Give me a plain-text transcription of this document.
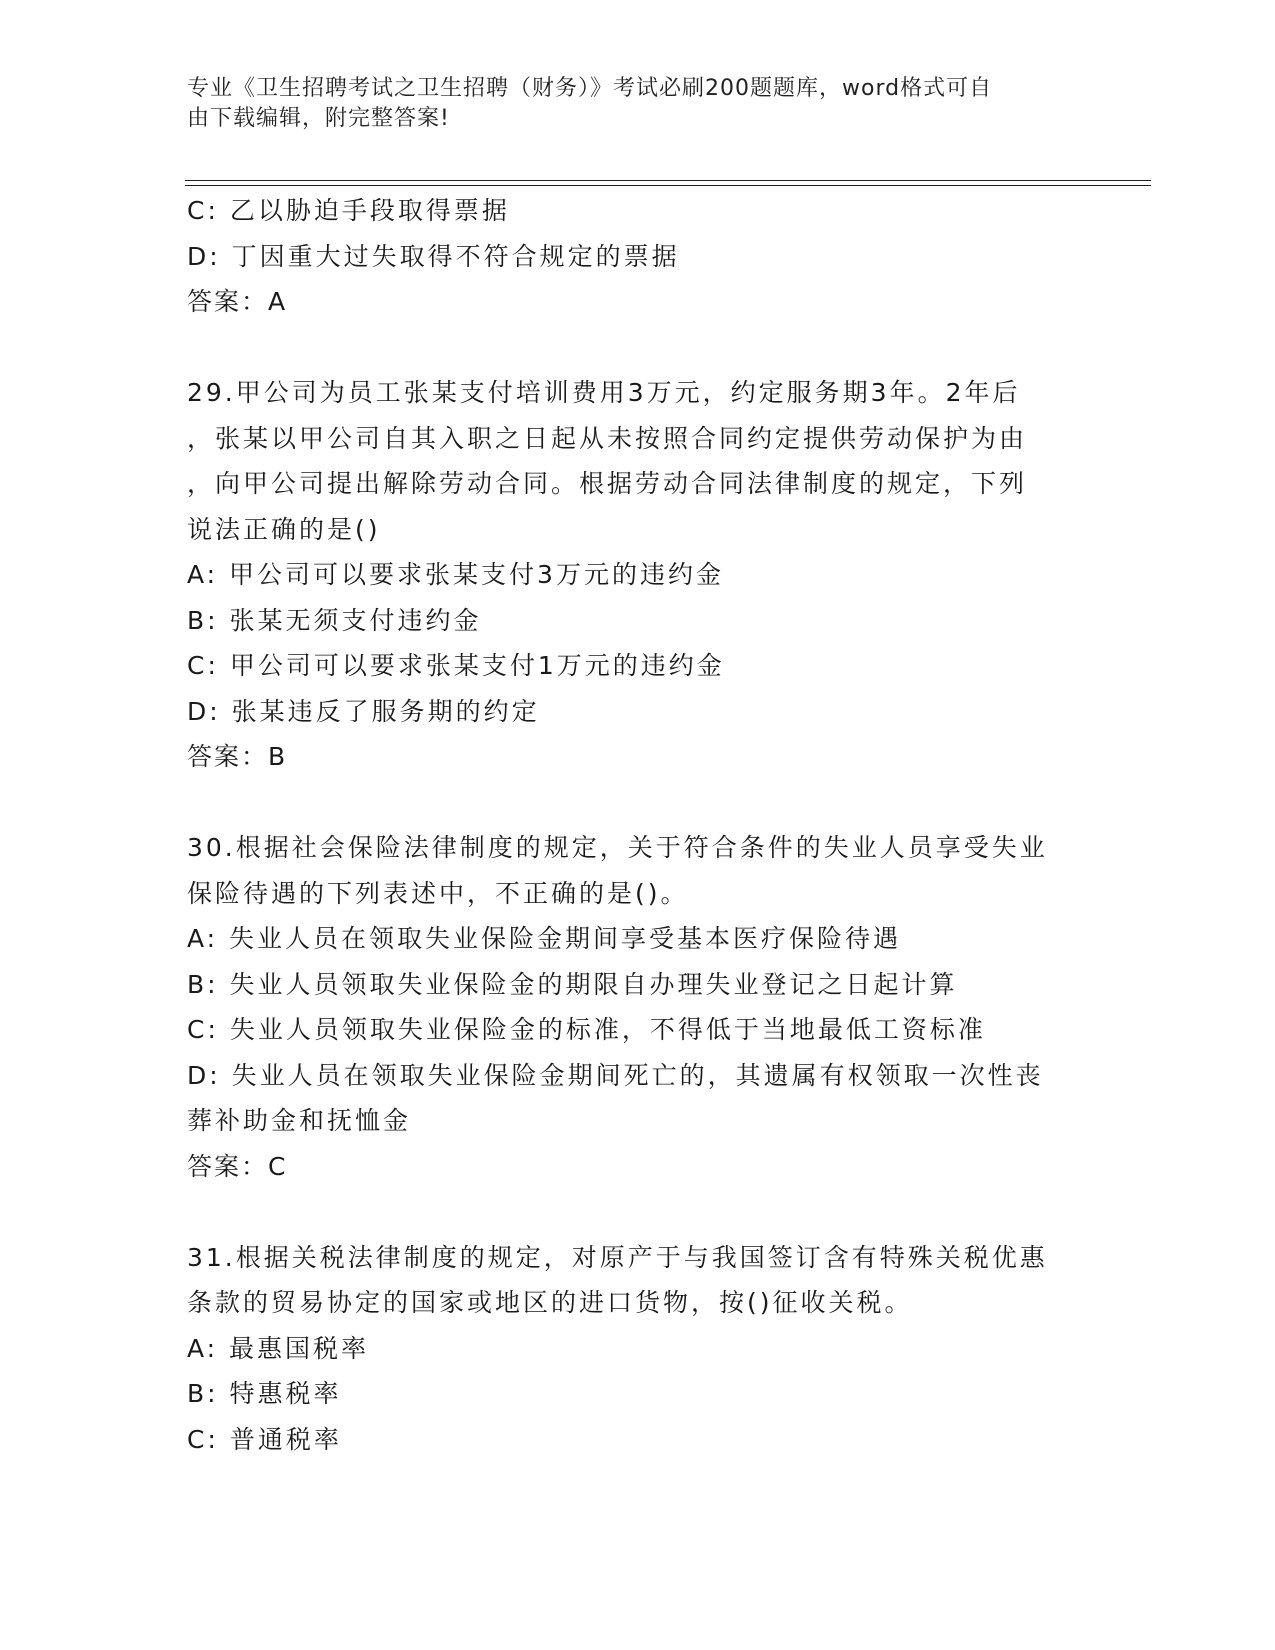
专业《卫生招聘考试之卫生招聘（财务）》考试必刷200题题库，word格式可自
由下载编辑，附完整答案!
C: 乙以胁迫手段取得票据
D: 丁因重大过失取得不符合规定的票据
答案：A
29.甲公司为员工张某支付培训费用3万元，约定服务期3年。2年后
，张某以甲公司自其入职之日起从未按照合同约定提供劳动保护为由
，向甲公司提出解除劳动合同。根据劳动合同法律制度的规定，下列
说法正确的是()
A: 甲公司可以要求张某支付3万元的违约金
B: 张某无须支付违约金
C: 甲公司可以要求张某支付1万元的违约金
D: 张某违反了服务期的约定
答案：B
30.根据社会保险法律制度的规定，关于符合条件的失业人员享受失业
保险待遇的下列表述中，不正确的是()。
A: 失业人员在领取失业保险金期间享受基本医疗保险待遇
B: 失业人员领取失业保险金的期限自办理失业登记之日起计算
C: 失业人员领取失业保险金的标准，不得低于当地最低工资标准
D: 失业人员在领取失业保险金期间死亡的，其遗属有权领取一次性丧
葬补助金和抚恤金
答案：C
31.根据关税法律制度的规定，对原产于与我国签订含有特殊关税优惠
条款的贸易协定的国家或地区的进口货物，按()征收关税。
A: 最惠国税率
B: 特惠税率
C: 普通税率
